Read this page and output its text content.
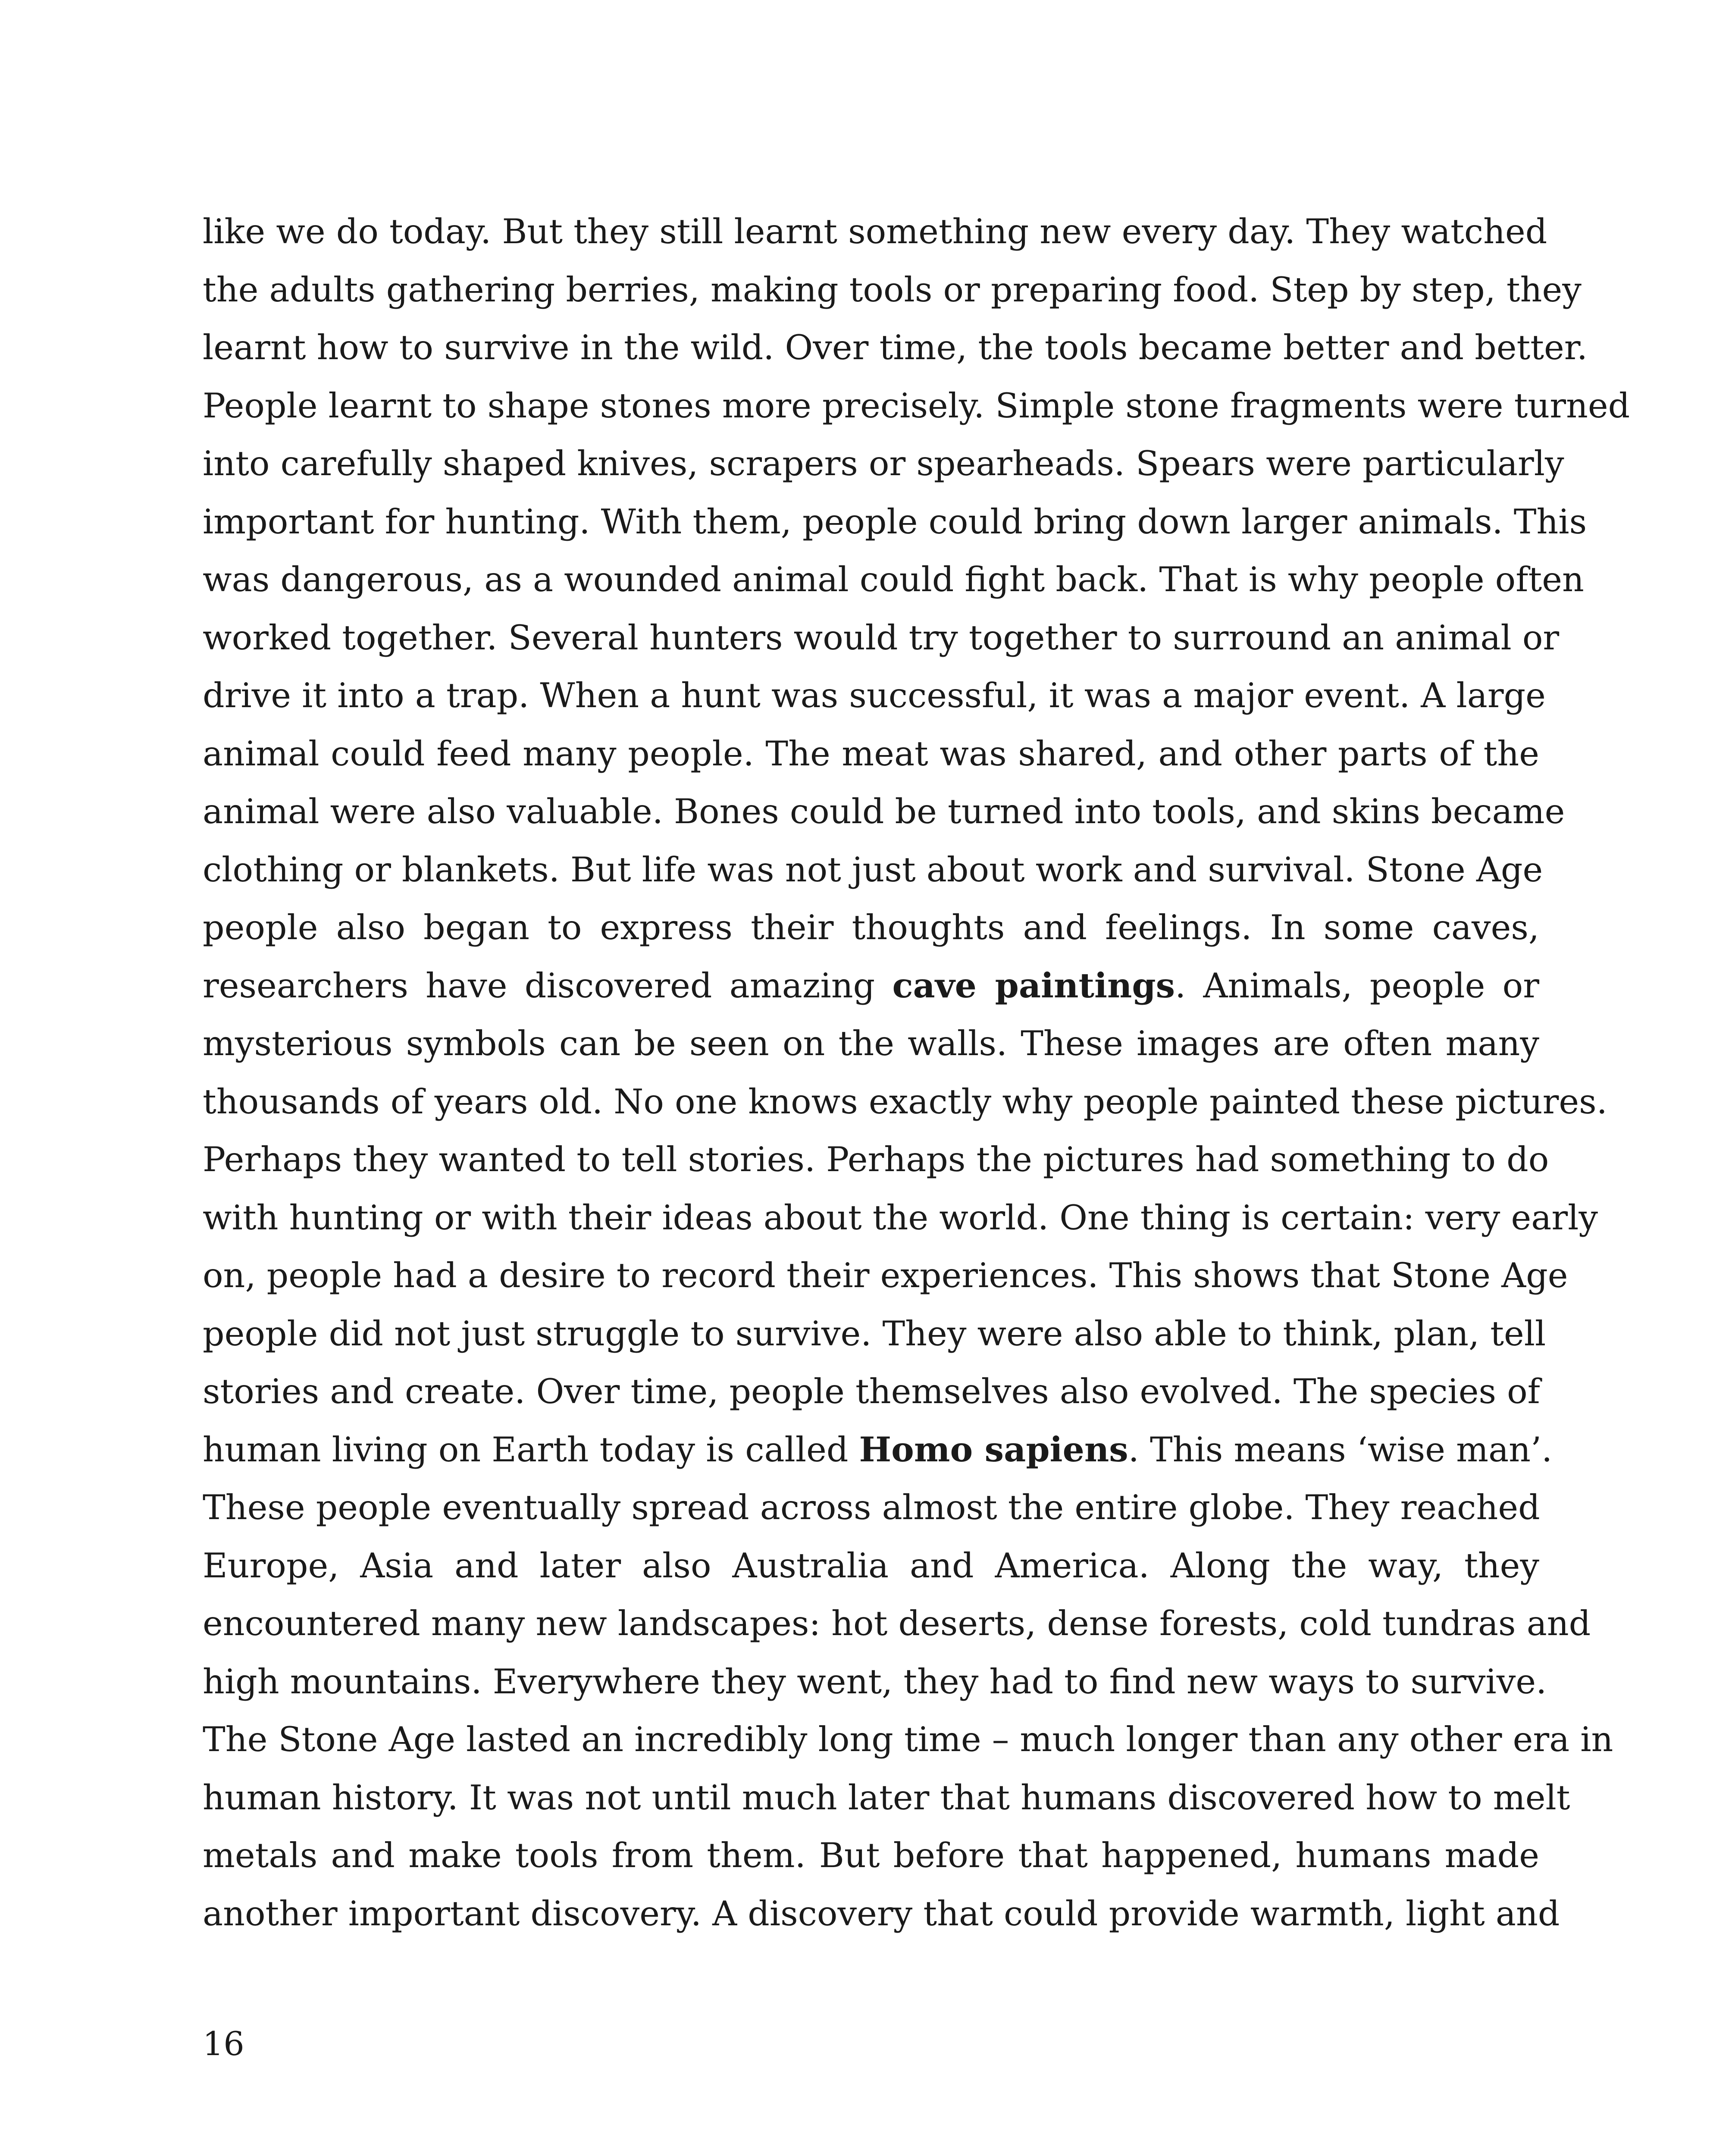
like we do today. But they still learnt something new every day. They watched
the adults gathering berries, making tools or preparing food. Step by step, they
learnt how to survive in the wild. Over time, the tools became better and better.
People learnt to shape stones more precisely. Simple stone fragments were turned
into carefully shaped knives, scrapers or spearheads. Spears were particularly
important for hunting. With them, people could bring down larger animals. This
was dangerous, as a wounded animal could fight back. That is why people often
worked together. Several hunters would try together to surround an animal or
drive it into a trap. When a hunt was successful, it was a major event. A large
animal could feed many people. The meat was shared, and other parts of the
animal were also valuable. Bones could be turned into tools, and skins became
clothing or blankets. But life was not just about work and survival. Stone Age
people also began to express their thoughts and feelings. In some caves,
researchers have discovered amazing cave paintings. Animals, people or
mysterious symbols can be seen on the walls. These images are often many
thousands of years old. No one knows exactly why people painted these pictures.
Perhaps they wanted to tell stories. Perhaps the pictures had something to do
with hunting or with their ideas about the world. One thing is certain: very early
on, people had a desire to record their experiences. This shows that Stone Age
people did not just struggle to survive. They were also able to think, plan, tell
stories and create. Over time, people themselves also evolved. The species of
human living on Earth today is called Homo sapiens. This means ‘wise man’.
These people eventually spread across almost the entire globe. They reached
Europe, Asia and later also Australia and America. Along the way, they
encountered many new landscapes: hot deserts, dense forests, cold tundras and
high mountains. Everywhere they went, they had to find new ways to survive.
The Stone Age lasted an incredibly long time – much longer than any other era in
human history. It was not until much later that humans discovered how to melt
metals and make tools from them. But before that happened, humans made
another important discovery. A discovery that could provide warmth, light and
16
